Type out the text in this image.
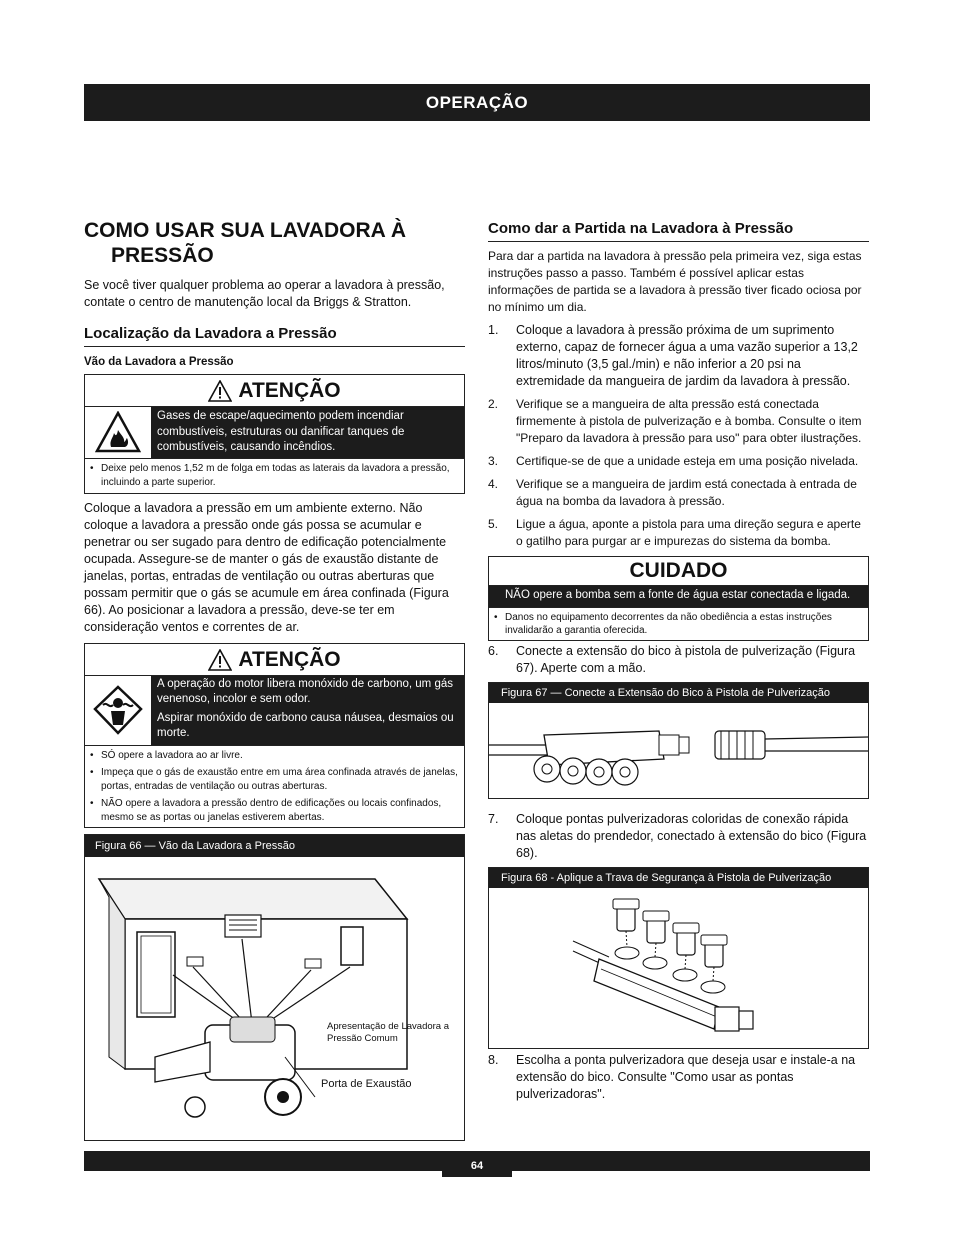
OPERAÇÃO
COMO USAR SUA LAVADORA À
PRESSÃO

Se você tiver qualquer problema ao operar a lavadora à pressão, contate o centro de manutenção local da Briggs & Stratton.

Localização da Lavadora a Pressão
Vão da Lavadora a Pressão
ATENÇÃO
Gases de escape/aquecimento podem incendiar combustíveis, estruturas ou danificar tanques de combustíveis, causando incêndios.
• Deixe pelo menos 1,52 m de folga em todas as laterais da lavadora a pressão, incluindo a parte superior.

Coloque a lavadora a pressão em um ambiente externo. Não coloque a lavadora a pressão onde gás possa se acumular e penetrar ou ser sugado para dentro de edificação potencialmente ocupada. Assegure-se de manter o gás de exaustão distante de janelas, portas, entradas de ventilação ou outras aberturas que possam permitir que o gás se acumule em área confinada (Figura 66). Ao posicionar a lavadora a pressão, deve-se ter em consideração ventos e correntes de ar.

ATENÇÃO
A operação do motor libera monóxido de carbono, um gás venenoso, incolor e sem odor.
Aspirar monóxido de carbono causa náusea, desmaios ou morte.
• SÓ opere a lavadora ao ar livre.
• Impeça que o gás de exaustão entre em uma área confinada através de janelas, portas, entradas de ventilação ou outras aberturas.
• NÃO opere a lavadora a pressão dentro de edificações ou locais confinados, mesmo se as portas ou janelas estiverem abertas.
Figura 66 — Vão da Lavadora a Pressão
Apresentação de Lavadora a Pressão Comum
Porta de Exaustão
Como dar a Partida na Lavadora à Pressão

Para dar a partida na lavadora à pressão pela primeira vez, siga estas instruções passo a passo. Também é possível aplicar estas informações de partida se a lavadora à pressão tiver ficado ociosa por no mínimo um dia.

1.	Coloque a lavadora à pressão próxima de um suprimento externo, capaz de fornecer água a uma vazão superior a 13,2 litros/minuto (3,5 gal./min) e não inferior a 20 psi na extremidade da mangueira de jardim da lavadora à pressão.
2.	Verifique se a mangueira de alta pressão está conectada firmemente à pistola de pulverização e à bomba. Consulte o item "Preparo da lavadora à pressão para uso" para obter ilustrações.
3.	Certifique-se de que a unidade esteja em uma posição nivelada.
4.	Verifique se a mangueira de jardim está conectada à entrada de água na bomba da lavadora à pressão.
5.	Ligue a água, aponte a pistola para uma direção segura e aperte o gatilho para purgar ar e impurezas do sistema da bomba.
CUIDADO
NÃO opere a bomba sem a fonte de água estar conectada e ligada.
• Danos no equipamento decorrentes da não obediência a estas instruções invalidarão a garantia oferecida.
6.	Conecte a extensão do bico à pistola de pulverização (Figura 67). Aperte com a mão.
Figura 67 — Conecte a Extensão do Bico à Pistola de Pulverização
7.	Coloque pontas pulverizadoras coloridas de conexão rápida nas aletas do prendedor, conectado à extensão do bico (Figura 68).
Figura 68 - Aplique a Trava de Segurança à Pistola de Pulverização
8.	Escolha a ponta pulverizadora que deseja usar e instale-a na extensão do bico. Consulte "Como usar as pontas pulverizadoras".
64
